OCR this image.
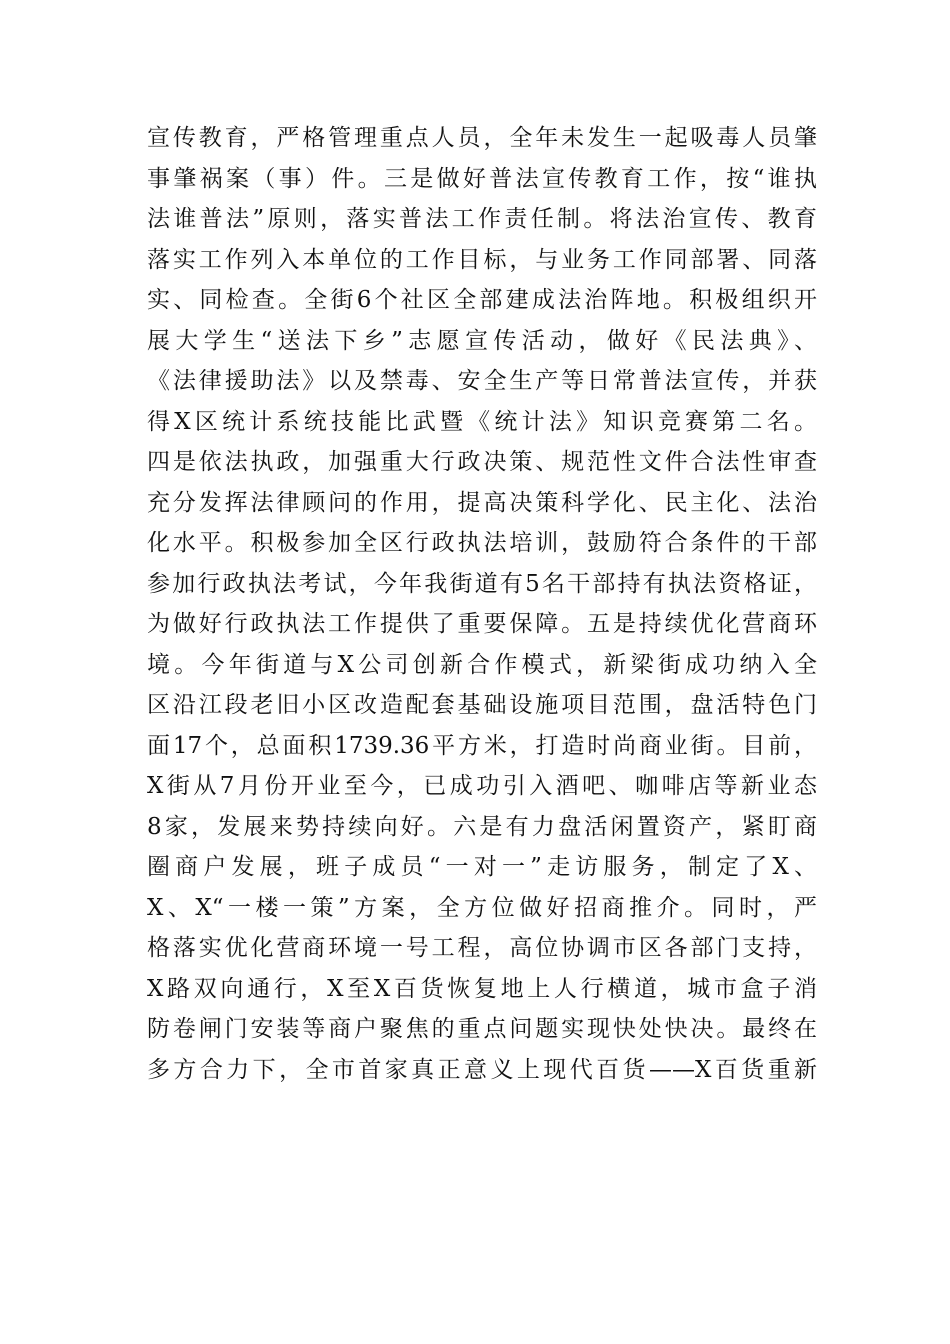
宣传教育，严格管理重点人员，全年未发生一起吸毒人员肇
事肇祸案（事）件。三是做好普法宣传教育工作，按“谁执
法谁普法”原则，落实普法工作责任制。将法治宣传、教育
落实工作列入本单位的工作目标，与业务工作同部署、同落
实、同检查。全街6个社区全部建成法治阵地。积极组织开
展大学生“送法下乡”志愿宣传活动，做好《民法典》、
《法律援助法》以及禁毒、安全生产等日常普法宣传，并获
得X区统计系统技能比武暨《统计法》知识竞赛第二名。
四是依法执政，加强重大行政决策、规范性文件合法性审查
充分发挥法律顾问的作用，提高决策科学化、民主化、法治
化水平。积极参加全区行政执法培训，鼓励符合条件的干部
参加行政执法考试，今年我街道有5名干部持有执法资格证，
为做好行政执法工作提供了重要保障。五是持续优化营商环
境。今年街道与X公司创新合作模式，新梁街成功纳入全
区沿江段老旧小区改造配套基础设施项目范围，盘活特色门
面17个，总面积1739.36平方米，打造时尚商业街。目前，
X街从7月份开业至今，已成功引入酒吧、咖啡店等新业态
8家，发展来势持续向好。六是有力盘活闲置资产，紧盯商
圈商户发展，班子成员“一对一”走访服务，制定了X、
X、X“一楼一策”方案，全方位做好招商推介。同时，严
格落实优化营商环境一号工程，高位协调市区各部门支持，
X路双向通行，X至X百货恢复地上人行横道，城市盒子消
防卷闸门安装等商户聚焦的重点问题实现快处快决。最终在
多方合力下，全市首家真正意义上现代百货——X百货重新
